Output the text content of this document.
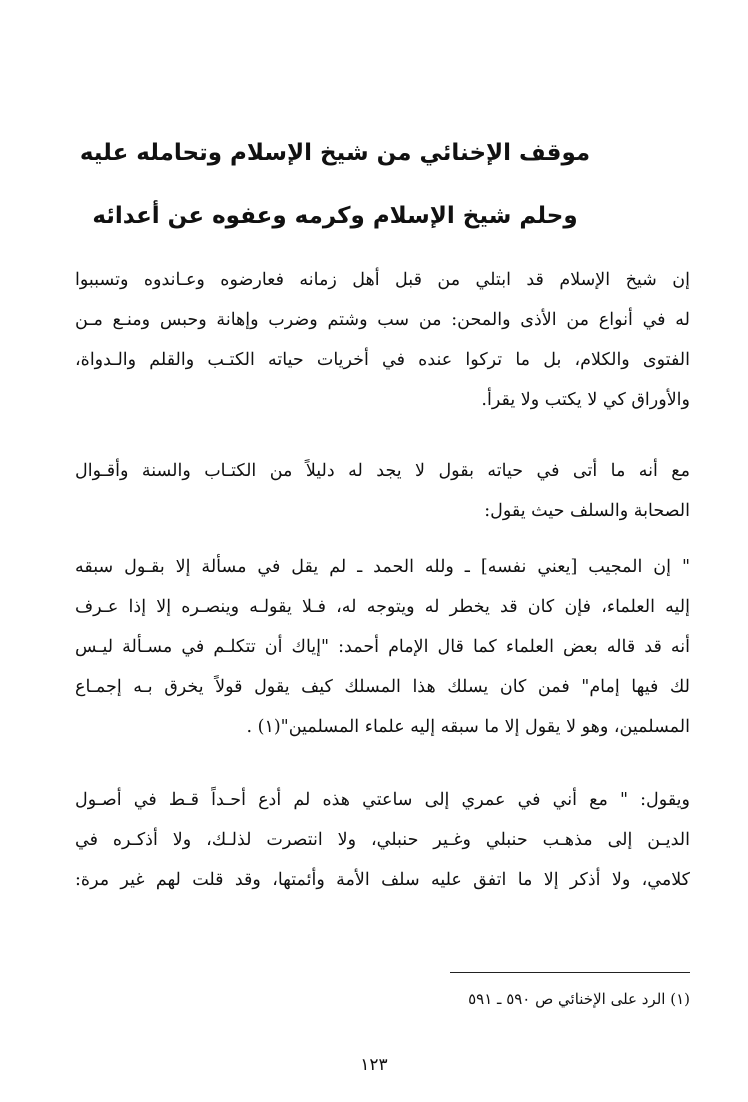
موقف الإخنائي من شيخ الإسلام وتحامله عليه
وحلم شيخ الإسلام وكرمه وعفوه عن أعدائه
إن شيخ الإسلام قد ابتلي من قبل أهل زمانه فعارضوه وعـاندوه وتسببوا
له في أنواع من الأذى والمحن: من سب وشتم وضرب وإهانة وحبس ومنـع مـن
الفتوى والكلام، بل ما تركوا عنده في أخريات حياته الكتـب والقلم والـدواة،
والأوراق كي لا يكتب ولا يقرأ.
مع أنه ما أتى في حياته بقول لا يجد له دليلاً من الكتـاب والسنة وأقـوال
الصحابة والسلف حيث يقول:
" إن المجيب [يعني نفسه] ـ ولله الحمد ـ لم يقل في مسألة إلا بقـول سبقه
إليه العلماء، فإن كان قد يخطر له ويتوجه له، فـلا يقولـه وينصـره إلا إذا عـرف
أنه قد قاله بعض العلماء كما قال الإمام أحمد: "إياك أن تتكلـم في مسـألة ليـس
لك فيها إمام" فمن كان يسلك هذا المسلك كيف يقول قولاً يخرق بـه إجمـاع
المسلمين، وهو لا يقول إلا ما سبقه إليه علماء المسلمين"(١) .
ويقول: " مع أني في عمري إلى ساعتي هذه لم أدع أحـداً قـط في أصـول
الديـن إلى مذهـب حنبلي وغـير حنبلي، ولا انتصرت لذلـك، ولا أذكـره في
كلامي، ولا أذكر إلا ما اتفق عليه سلف الأمة وأئمتها، وقد قلت لهم غير مرة:
(١) الرد على الإخنائي ص ٥٩٠ ـ ٥٩١
١٢٣
